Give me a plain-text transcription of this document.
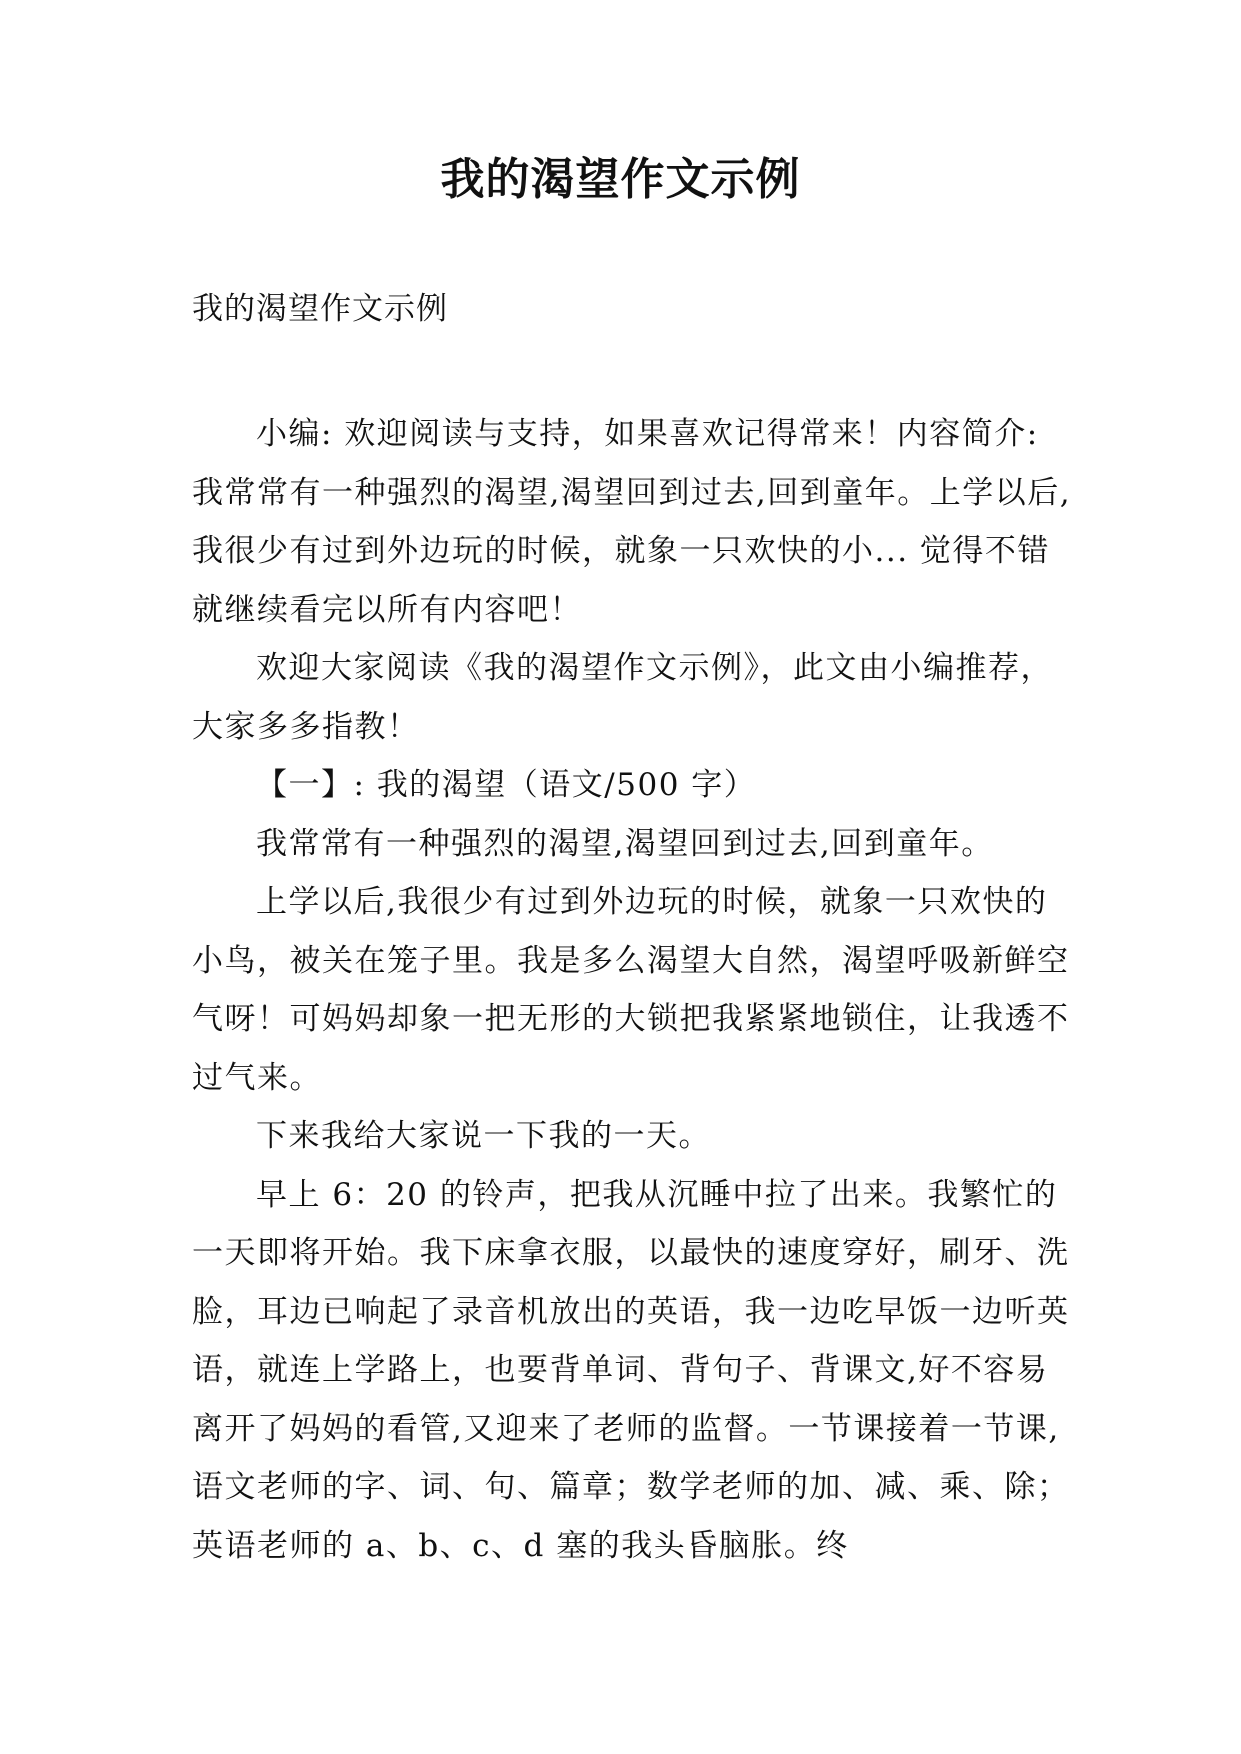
我的渴望作文示例

我的渴望作文示例

小编: 欢迎阅读与支持，如果喜欢记得常来！内容简介: 我常常有一种强烈的渴望,渴望回到过去,回到童年。上学以后,我很少有过到外边玩的时候，就象一只欢快的小... 觉得不错就继续看完以所有内容吧！

欢迎大家阅读《我的渴望作文示例》，此文由小编推荐，大家多多指教！

【一】: 我的渴望（语文/500 字）

我常常有一种强烈的渴望,渴望回到过去,回到童年。

上学以后,我很少有过到外边玩的时候，就象一只欢快的小鸟，被关在笼子里。我是多么渴望大自然，渴望呼吸新鲜空气呀！可妈妈却象一把无形的大锁把我紧紧地锁住，让我透不过气来。

下来我给大家说一下我的一天。

早上 6：20 的铃声，把我从沉睡中拉了出来。我繁忙的一天即将开始。我下床拿衣服，以最快的速度穿好，刷牙、洗脸，耳边已响起了录音机放出的英语，我一边吃早饭一边听英语，就连上学路上，也要背单词、背句子、背课文,好不容易离开了妈妈的看管,又迎来了老师的监督。一节课接着一节课,语文老师的字、词、句、篇章；数学老师的加、减、乘、除；英语老师的 a、b、c、d 塞的我头昏脑胀。终
